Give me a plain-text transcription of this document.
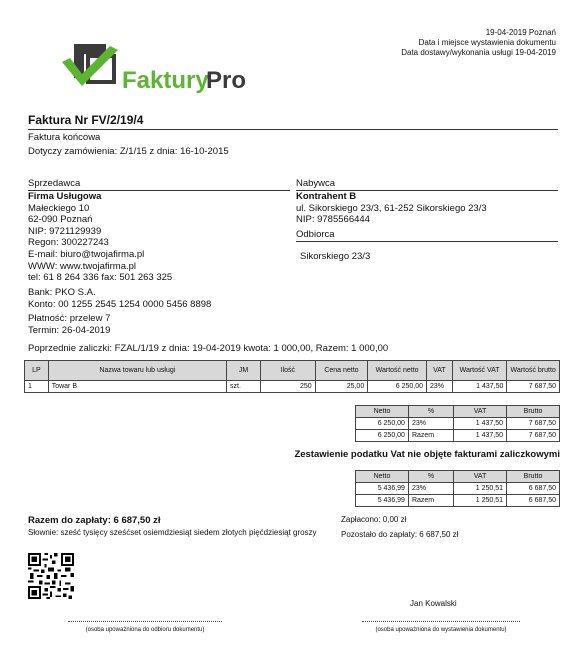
19-04-2019 Poznań
Data i miejsce wystawienia dokumentu
Data dostawy/wykonania usługi 19-04-2019
Faktury
Pro
Faktura Nr FV/2/19/4
Faktura końcowa
Dotyczy zamówienia: Z/1/15 z dnia: 16-10-2015
Sprzedawca
Firma Usługowa
Małeckiego 10
62-090 Poznań
NIP: 9721129939
Regon: 300227243
E-mail: biuro@twojafirma.pl
WWW: www.twojafirma.pl
tel: 61 8 264 336 fax: 501 263 325
Bank: PKO S.A.
Konto: 00 1255 2545 1254 0000 5456 8898
Płatność: przelew 7
Termin: 26-04-2019
Nabywca
Kontrahent B
ul. Sikorskiego 23/3, 61-252 Sikorskiego 23/3
NIP: 9785566444
Odbiorca
Sikorskiego 23/3
Poprzednie zaliczki: FZAL/1/19 z dnia: 19-04-2019 kwota: 1 000,00, Razem: 1 000,00
LP	Nazwa towaru lub usługi	JM	Ilość	Cena netto	Wartość netto	VAT	Wartość VAT	Wartość brutto
1	Towar B	szt.	250	25,00	6 250,00	23%	1 437,50	7 687,50
Netto	%	VAT	Brutto
6 250,00	23%	1 437,50	7 687,50
6 250,00	Razem	1 437,50	7 687,50
Zestawienie podatku Vat nie objęte fakturami zaliczkowymi
Netto	%	VAT	Brutto
5 436,99	23%	1 250,51	6 687,50
5 436,99	Razem	1 250,51	6 687,50
Razem do zapłaty: 6 687,50 zł
Słownie: sześć tysięcy sześćset osiemdziesiąt siedem złotych pięćdziesiąt groszy
Zapłacono: 0,00 zł
Pozostało do zapłaty: 6 687,50 zł
Jan Kowalski
(osoba upoważniona do odbioru dokumentu)	(osoba upoważniona do wystawienia dokumentu)
